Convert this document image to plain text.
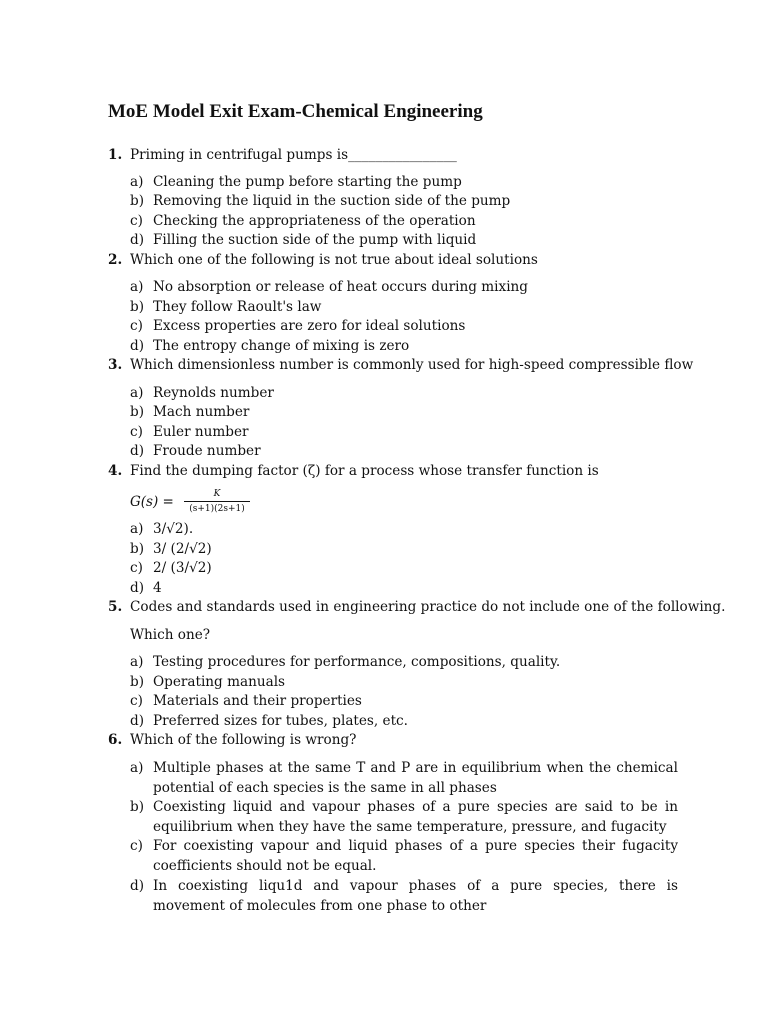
MoE Model Exit Exam-Chemical Engineering
1. Priming in centrifugal pumps is________________
a) Cleaning the pump before starting the pump
b) Removing the liquid in the suction side of the pump
c) Checking the appropriateness of the operation
d) Filling the suction side of the pump with liquid
2. Which one of the following is not true about ideal solutions
a) No absorption or release of heat occurs during mixing
b) They follow Raoult's law
c) Excess properties are zero for ideal solutions
d) The entropy change of mixing is zero
3. Which dimensionless number is commonly used for high-speed compressible flow
a) Reynolds number
b) Mach number
c) Euler number
d) Froude number
4. Find the dumping factor (ζ) for a process whose transfer function is
G(s) =	K
(s+1)(2s+1)
a) 3/√2).
b) 3/ (2/√2)
c) 2/ (3/√2)
d) 4
5. Codes and standards used in engineering practice do not include one of the following.
Which one?
a) Testing procedures for performance, compositions, quality.
b) Operating manuals
c) Materials and their properties
d) Preferred sizes for tubes, plates, etc.
6. Which of the following is wrong?
a) Multiple phases at the same T and P are in equilibrium when the chemical potential of each species is the same in all phases
b) Coexisting liquid and vapour phases of a pure species are said to be in equilibrium when they have the same temperature, pressure, and fugacity
c) For coexisting vapour and liquid phases of a pure species their fugacity coefficients should not be equal.
d) In coexisting liqu1d and vapour phases of a pure species, there is movement of molecules from one phase to other
